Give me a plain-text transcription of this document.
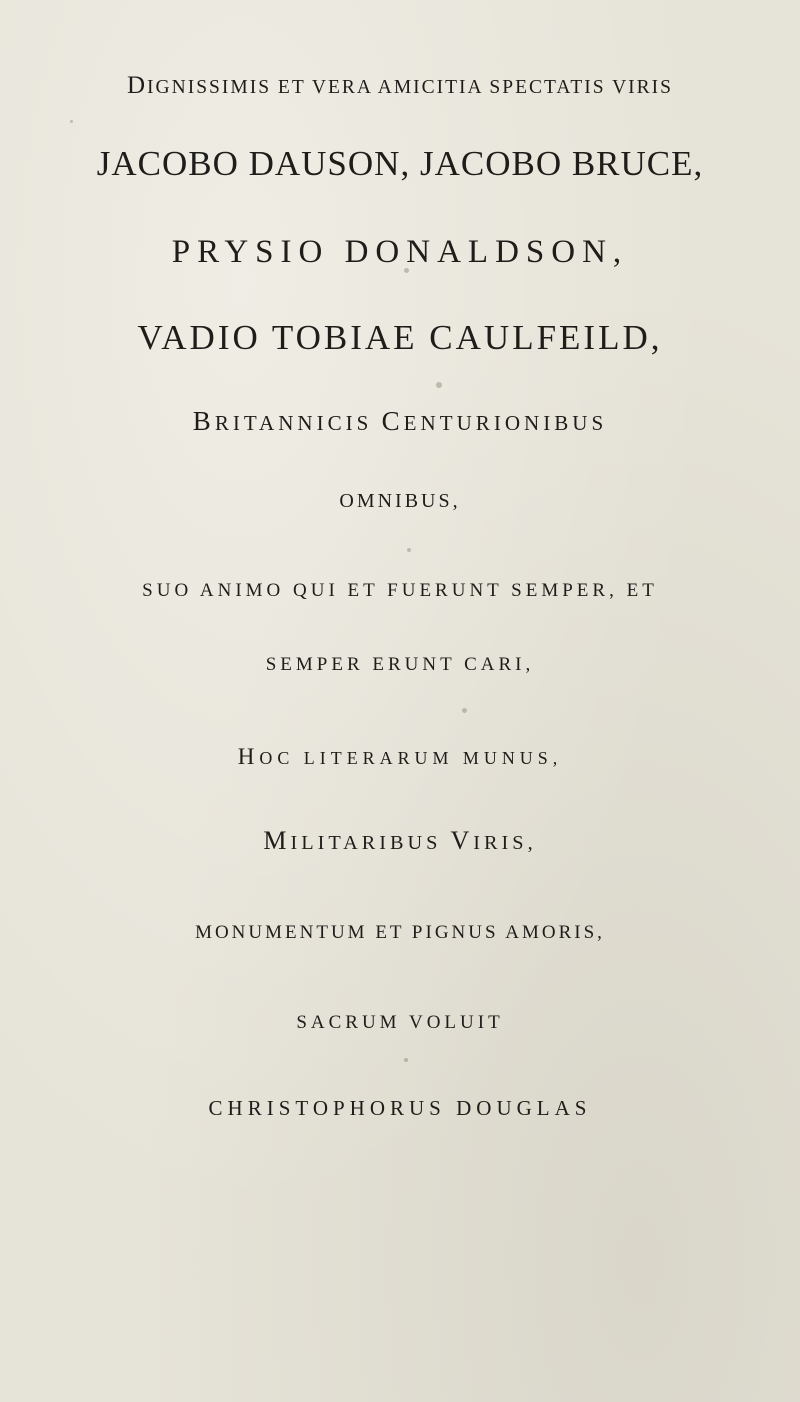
DIGNISSIMIS ET VERA AMICITIA SPECTATIS VIRIS
JACOBO DAUSON, JACOBO BRUCE,
PRYSIO DONALDSON,
VADIO TOBIAE CAULFEILD,
BRITANNICIS CENTURIONIBUS
OMNIBUS,
SUO ANIMO QUI ET FUERUNT SEMPER, ET
SEMPER ERUNT CARI,
HOC LITERARUM MUNUS,
MILITARIBUS VIRIS,
MONUMENTUM ET PIGNUS AMORIS,
SACRUM VOLUIT
CHRISTOPHORUS DOUGLAS
